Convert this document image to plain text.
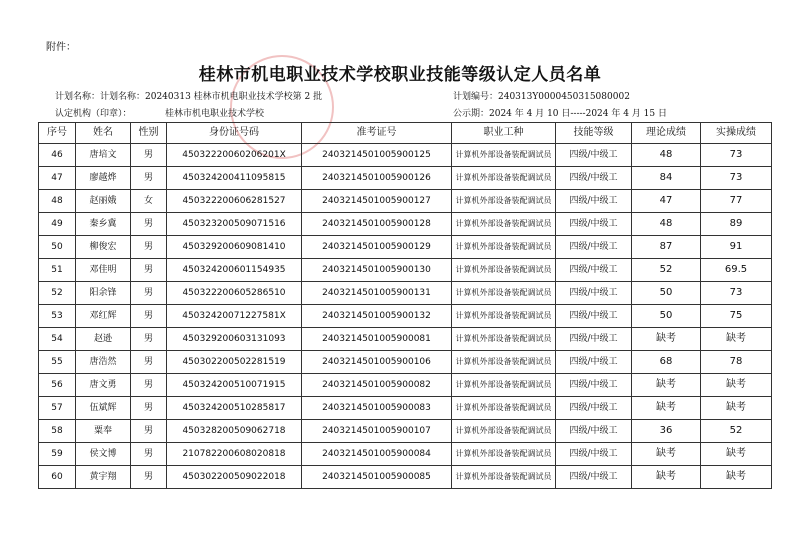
附件：
桂林市机电职业技术学校职业技能等级认定人员名单
计划名称：计划名称：20240313 桂林市机电职业技术学校第 2 批	计划编号：240313Y0000450315080002
认定机构（印章）：	桂林市机电职业技术学校	公示期：2024 年 4 月 10 日-----2024 年 4 月 15 日
序号	姓名	性别	身份证号码	准考证号	职业工种	技能等级	理论成绩	实操成绩
46	唐培文	男	45032220060206201X	2403214501005900125	计算机外部设备装配调试员	四级/中级工	48	73
47	廖越烨	男	450324200411095815	2403214501005900126	计算机外部设备装配调试员	四级/中级工	84	73
48	赵丽娥	女	450322200606281527	2403214501005900127	计算机外部设备装配调试员	四级/中级工	47	77
49	秦乡冀	男	450323200509071516	2403214501005900128	计算机外部设备装配调试员	四级/中级工	48	89
50	柳俊宏	男	450329200609081410	2403214501005900129	计算机外部设备装配调试员	四级/中级工	87	91
51	邓佳明	男	450324200601154935	2403214501005900130	计算机外部设备装配调试员	四级/中级工	52	69.5
52	阳余锋	男	450322200605286510	2403214501005900131	计算机外部设备装配调试员	四级/中级工	50	73
53	邓红辉	男	45032420071227581X	2403214501005900132	计算机外部设备装配调试员	四级/中级工	50	75
54	赵逊	男	450329200603131093	2403214501005900081	计算机外部设备装配调试员	四级/中级工	缺考	缺考
55	唐浩然	男	450302200502281519	2403214501005900106	计算机外部设备装配调试员	四级/中级工	68	78
56	唐文勇	男	450324200510071915	2403214501005900082	计算机外部设备装配调试员	四级/中级工	缺考	缺考
57	伍斌辉	男	450324200510285817	2403214501005900083	计算机外部设备装配调试员	四级/中级工	缺考	缺考
58	粟奉	男	450328200509062718	2403214501005900107	计算机外部设备装配调试员	四级/中级工	36	52
59	侯文博	男	210782200608020818	2403214501005900084	计算机外部设备装配调试员	四级/中级工	缺考	缺考
60	黄宇翔	男	450302200509022018	2403214501005900085	计算机外部设备装配调试员	四级/中级工	缺考	缺考
